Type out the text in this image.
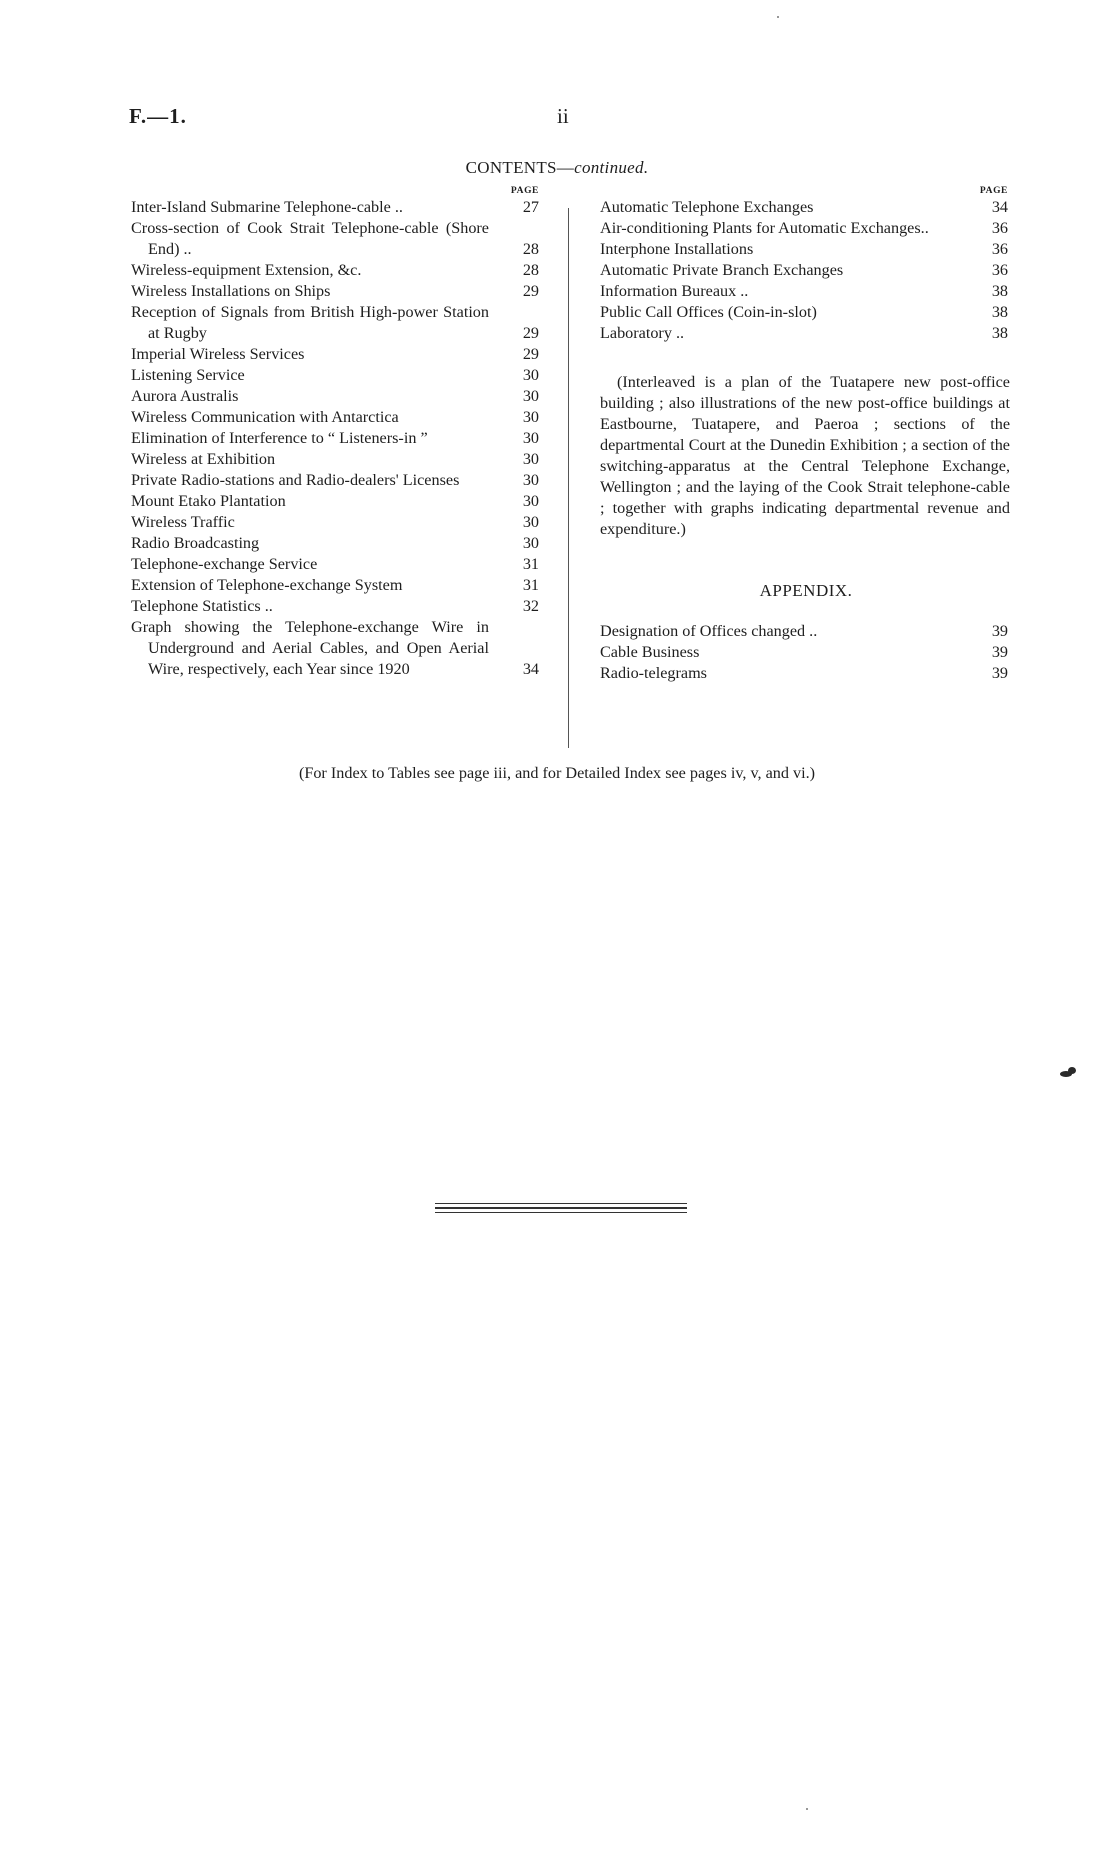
F.—1.	ii
CONTENTS—continued.
PAGE
Inter-Island Submarine Telephone-cable ..	27
Cross-section of Cook Strait Telephone-cable (Shore End) ..	28
Wireless-equipment Extension, &c.	28
Wireless Installations on Ships	29
Reception of Signals from British High-power Station at Rugby	29
Imperial Wireless Services	29
Listening Service	30
Aurora Australis	30
Wireless Communication with Antarctica	30
Elimination of Interference to “ Listeners-in ”	30
Wireless at Exhibition	30
Private Radio-stations and Radio-dealers' Licenses	30
Mount Etako Plantation	30
Wireless Traffic	30
Radio Broadcasting	30
Telephone-exchange Service	31
Extension of Telephone-exchange System	31
Telephone Statistics ..	32
Graph showing the Telephone-exchange Wire in Underground and Aerial Cables, and Open Aerial Wire, respectively, each Year since 1920	34
PAGE
Automatic Telephone Exchanges	34
Air-conditioning Plants for Automatic Exchanges..	36
Interphone Installations	36
Automatic Private Branch Exchanges	36
Information Bureaux ..	38
Public Call Offices (Coin-in-slot)	38
Laboratory ..	38
(Interleaved is a plan of the Tuatapere new post-office building ; also illustrations of the new post-office buildings at Eastbourne, Tuatapere, and Paeroa ; sections of the departmental Court at the Dunedin Exhibition ; a section of the switching-apparatus at the Central Telephone Exchange, Wellington ; and the laying of the Cook Strait telephone-cable ; together with graphs indicating departmental revenue and expenditure.)
APPENDIX.
Designation of Offices changed ..	39
Cable Business	39
Radio-telegrams	39
(For Index to Tables see page iii, and for Detailed Index see pages iv, v, and vi.)
